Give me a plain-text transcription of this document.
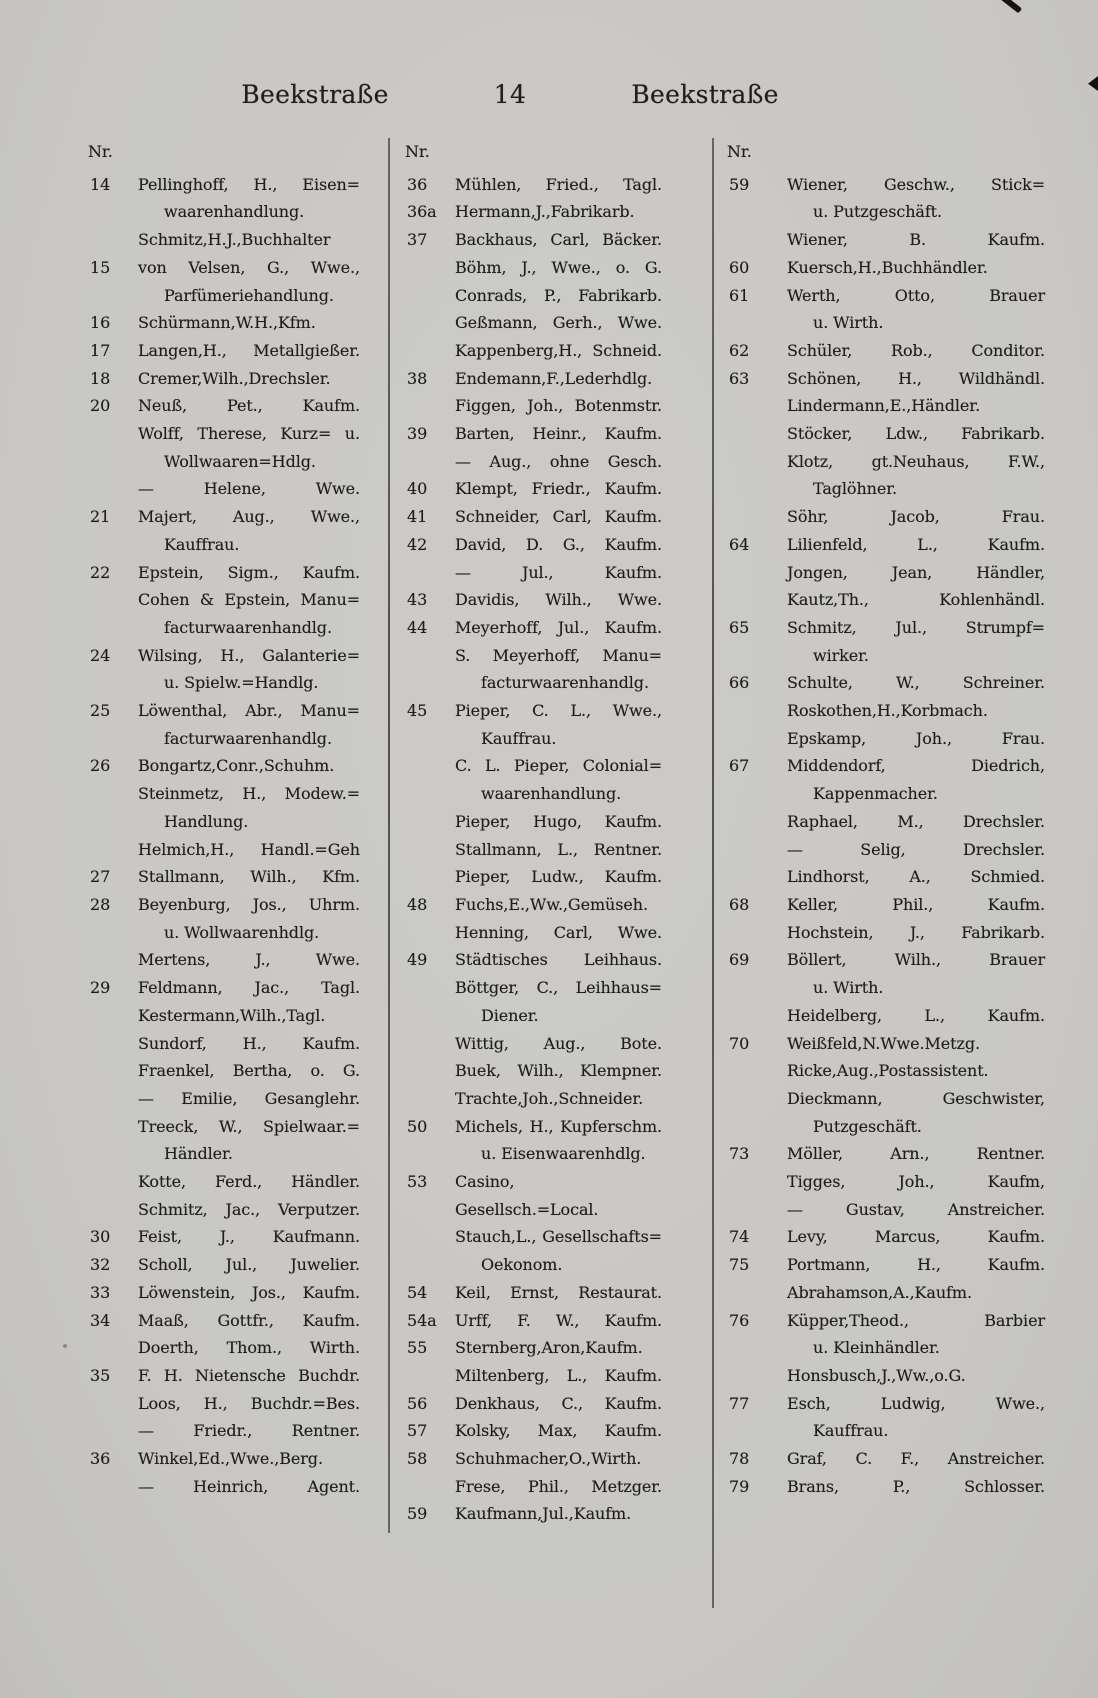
Beekstraße	14	Beekstraße
Nr.
14 Pellinghoff, H., Eisen=
waarenhandlung.
Schmitz,H.J.,Buchhalter
15 von Velsen, G., Wwe.,
Parfümeriehandlung.
16 Schürmann,W.H.,Kfm.
17 Langen,H., Metallgießer.
18 Cremer,Wilh.,Drechsler.
20 Neuß, Pet., Kaufm.
Wolff, Therese, Kurz= u.
Wollwaaren=Hdlg.
— Helene, Wwe.
21 Majert, Aug., Wwe.,
Kauffrau.
22 Epstein, Sigm., Kaufm.
Cohen & Epstein, Manu=
facturwaarenhandlg.
24 Wilsing, H., Galanterie=
u. Spielw.=Handlg.
25 Löwenthal, Abr., Manu=
facturwaarenhandlg.
26 Bongartz,Conr.,Schuhm.
Steinmetz, H., Modew.=
Handlung.
Helmich,H., Handl.=Geh
27 Stallmann, Wilh., Kfm.
28 Beyenburg, Jos., Uhrm.
u. Wollwaarenhdlg.
Mertens, J., Wwe.
29 Feldmann, Jac., Tagl.
Kestermann,Wilh.,Tagl.
Sundorf, H., Kaufm.
Fraenkel, Bertha, o. G.
— Emilie, Gesanglehr.
Treeck, W., Spielwaar.=
Händler.
Kotte, Ferd., Händler.
Schmitz, Jac., Verputzer.
30 Feist, J., Kaufmann.
32 Scholl, Jul., Juwelier.
33 Löwenstein, Jos., Kaufm.
34 Maaß, Gottfr., Kaufm.
Doerth, Thom., Wirth.
35 F. H. Nietensche Buchdr.
Loos, H., Buchdr.=Bes.
— Friedr., Rentner.
36 Winkel,Ed.,Wwe.,Berg.
— Heinrich, Agent.
Nr.
36 Mühlen, Fried., Tagl.
36a Hermann,J.,Fabrikarb.
37 Backhaus, Carl, Bäcker.
Böhm, J., Wwe., o. G.
Conrads, P., Fabrikarb.
Geßmann, Gerh., Wwe.
Kappenberg,H., Schneid.
38 Endemann,F.,Lederhdlg.
Figgen, Joh., Botenmstr.
39 Barten, Heinr., Kaufm.
— Aug., ohne Gesch.
40 Klempt, Friedr., Kaufm.
41 Schneider, Carl, Kaufm.
42 David, D. G., Kaufm.
— Jul., Kaufm.
43 Davidis, Wilh., Wwe.
44 Meyerhoff, Jul., Kaufm.
S. Meyerhoff, Manu=
facturwaarenhandlg.
45 Pieper, C. L., Wwe.,
Kauffrau.
C. L. Pieper, Colonial=
waarenhandlung.
Pieper, Hugo, Kaufm.
Stallmann, L., Rentner.
Pieper, Ludw., Kaufm.
48 Fuchs,E.,Ww.,Gemüseh.
Henning, Carl, Wwe.
49 Städtisches Leihhaus.
Böttger, C., Leihhaus=
Diener.
Wittig, Aug., Bote.
Buek, Wilh., Klempner.
Trachte,Joh.,Schneider.
50 Michels, H., Kupferschm.
u. Eisenwaarenhdlg.
53 Casino, Gesellsch.=Local.
Stauch,L., Gesellschafts=
Oekonom.
54 Keil, Ernst, Restaurat.
54a Urff, F. W., Kaufm.
55 Sternberg,Aron,Kaufm.
Miltenberg, L., Kaufm.
56 Denkhaus, C., Kaufm.
57 Kolsky, Max, Kaufm.
58 Schuhmacher,O.,Wirth.
Frese, Phil., Metzger.
59 Kaufmann,Jul.,Kaufm.
Nr.
59 Wiener, Geschw., Stick=
u. Putzgeschäft.
Wiener, B. Kaufm.
60 Kuersch,H.,Buchhändler.
61 Werth, Otto, Brauer
u. Wirth.
62 Schüler, Rob., Conditor.
63 Schönen, H., Wildhändl.
Lindermann,E.,Händler.
Stöcker, Ldw., Fabrikarb.
Klotz, gt.Neuhaus, F.W.,
Taglöhner.
Söhr, Jacob, Frau.
64 Lilienfeld, L., Kaufm.
Jongen, Jean, Händler,
Kautz,Th., Kohlenhändl.
65 Schmitz, Jul., Strumpf=
wirker.
66 Schulte, W., Schreiner.
Roskothen,H.,Korbmach.
Epskamp, Joh., Frau.
67 Middendorf, Diedrich,
Kappenmacher.
Raphael, M., Drechsler.
— Selig, Drechsler.
Lindhorst, A., Schmied.
68 Keller, Phil., Kaufm.
Hochstein, J., Fabrikarb.
69 Böllert, Wilh., Brauer
u. Wirth.
Heidelberg, L., Kaufm.
70 Weißfeld,N.Wwe.Metzg.
Ricke,Aug.,Postassistent.
Dieckmann, Geschwister,
Putzgeschäft.
73 Möller, Arn., Rentner.
Tigges, Joh., Kaufm,
— Gustav, Anstreicher.
74 Levy, Marcus, Kaufm.
75 Portmann, H., Kaufm.
Abrahamson,A.,Kaufm.
76 Küpper,Theod., Barbier
u. Kleinhändler.
Honsbusch,J.,Ww.,o.G.
77 Esch, Ludwig, Wwe.,
Kauffrau.
78 Graf, C. F., Anstreicher.
79 Brans, P., Schlosser.
